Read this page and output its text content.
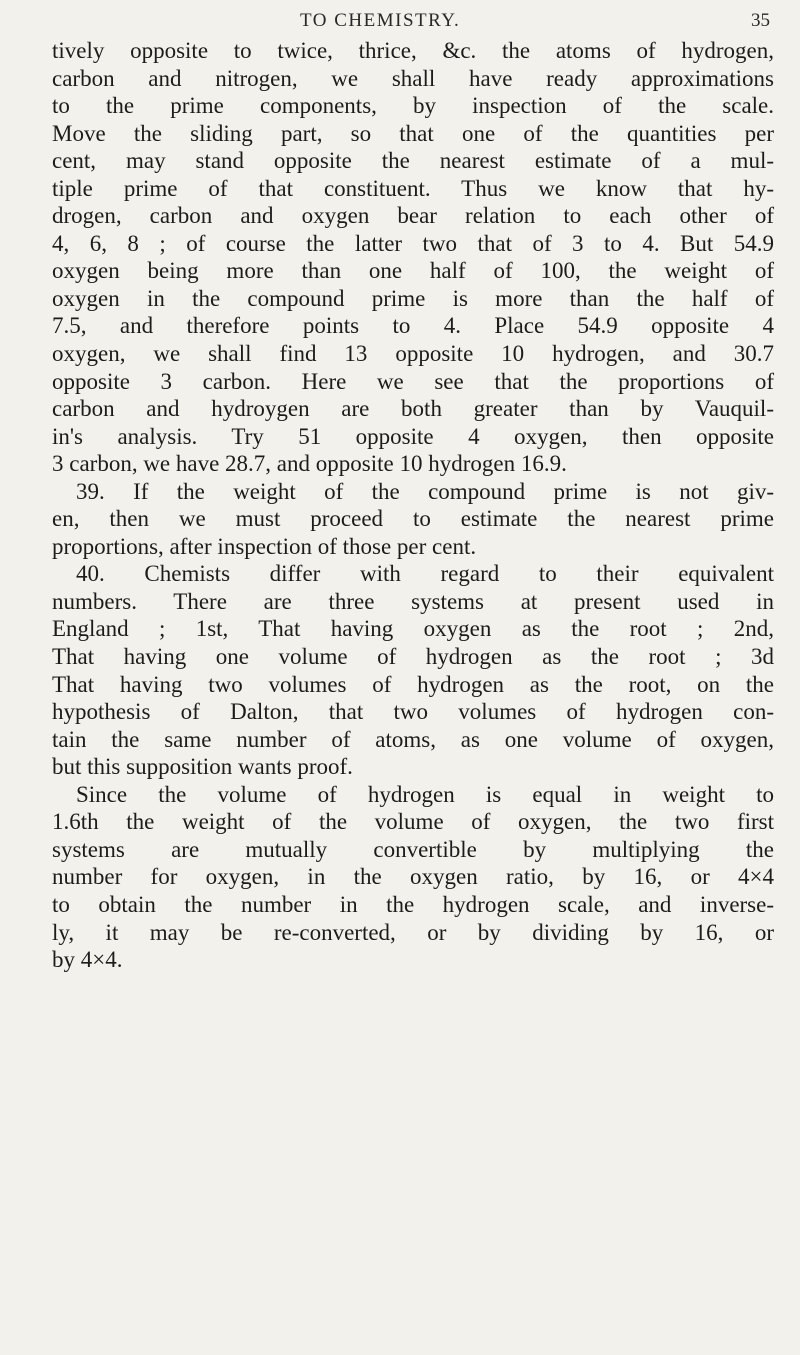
TO CHEMISTRY.	35
tively opposite to twice, thrice, &c. the atoms of hydrogen,
carbon and nitrogen, we shall have ready approximations
to the prime components, by inspection of the scale.
Move the sliding part, so that one of the quantities per
cent, may stand opposite the nearest estimate of a mul-
tiple prime of that constituent. Thus we know that hy-
drogen, carbon and oxygen bear relation to each other of
4, 6, 8 ; of course the latter two that of 3 to 4. But 54.9
oxygen being more than one half of 100, the weight of
oxygen in the compound prime is more than the half of
7.5, and therefore points to 4. Place 54.9 opposite 4
oxygen, we shall find 13 opposite 10 hydrogen, and 30.7
opposite 3 carbon. Here we see that the proportions of
carbon and hydroygen are both greater than by Vauquil-
in's analysis. Try 51 opposite 4 oxygen, then opposite
3 carbon, we have 28.7, and opposite 10 hydrogen 16.9.
39. If the weight of the compound prime is not giv-
en, then we must proceed to estimate the nearest prime
proportions, after inspection of those per cent.
40. Chemists differ with regard to their equivalent
numbers. There are three systems at present used in
England ; 1st, That having oxygen as the root ; 2nd,
That having one volume of hydrogen as the root ; 3d
That having two volumes of hydrogen as the root, on the
hypothesis of Dalton, that two volumes of hydrogen con-
tain the same number of atoms, as one volume of oxygen,
but this supposition wants proof.
Since the volume of hydrogen is equal in weight to
1.6th the weight of the volume of oxygen, the two first
systems are mutually convertible by multiplying the
number for oxygen, in the oxygen ratio, by 16, or 4×4
to obtain the number in the hydrogen scale, and inverse-
ly, it may be re-converted, or by dividing by 16, or
by 4×4.
